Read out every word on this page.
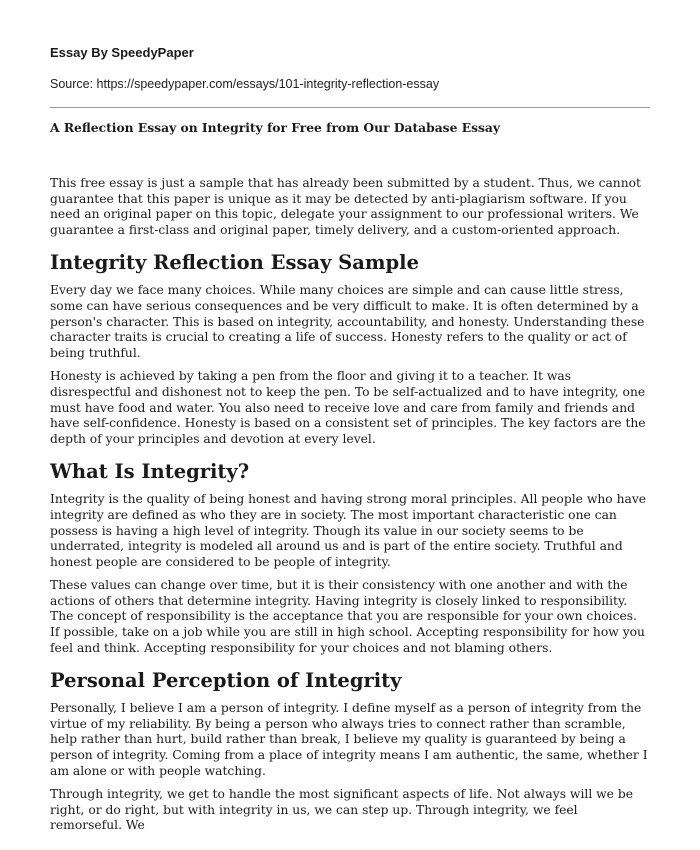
Essay By SpeedyPaper
Source: https://speedypaper.com/essays/101-integrity-reflection-essay
A Reflection Essay on Integrity for Free from Our Database Essay

This free essay is just a sample that has already been submitted by a student. Thus, we cannot guarantee that this paper is unique as it may be detected by anti-plagiarism software. If you need an original paper on this topic, delegate your assignment to our professional writers. We guarantee a first-class and original paper, timely delivery, and a custom-oriented approach.

Integrity Reflection Essay Sample

Every day we face many choices. While many choices are simple and can cause little stress, some can have serious consequences and be very difficult to make. It is often determined by a person's character. This is based on integrity, accountability, and honesty. Understanding these character traits is crucial to creating a life of success. Honesty refers to the quality or act of being truthful.

Honesty is achieved by taking a pen from the floor and giving it to a teacher. It was disrespectful and dishonest not to keep the pen. To be self-actualized and to have integrity, one must have food and water. You also need to receive love and care from family and friends and have self-confidence. Honesty is based on a consistent set of principles. The key factors are the depth of your principles and devotion at every level.

What Is Integrity?

Integrity is the quality of being honest and having strong moral principles. All people who have integrity are defined as who they are in society. The most important characteristic one can possess is having a high level of integrity. Though its value in our society seems to be underrated, integrity is modeled all around us and is part of the entire society. Truthful and honest people are considered to be people of integrity.

These values can change over time, but it is their consistency with one another and with the actions of others that determine integrity. Having integrity is closely linked to responsibility. The concept of responsibility is the acceptance that you are responsible for your own choices. If possible, take on a job while you are still in high school. Accepting responsibility for how you feel and think. Accepting responsibility for your choices and not blaming others.

Personal Perception of Integrity

Personally, I believe I am a person of integrity. I define myself as a person of integrity from the virtue of my reliability. By being a person who always tries to connect rather than scramble, help rather than hurt, build rather than break, I believe my quality is guaranteed by being a person of integrity. Coming from a place of integrity means I am authentic, the same, whether I am alone or with people watching.

Through integrity, we get to handle the most significant aspects of life. Not always will we be right, or do right, but with integrity in us, we can step up. Through integrity, we feel remorseful. We
